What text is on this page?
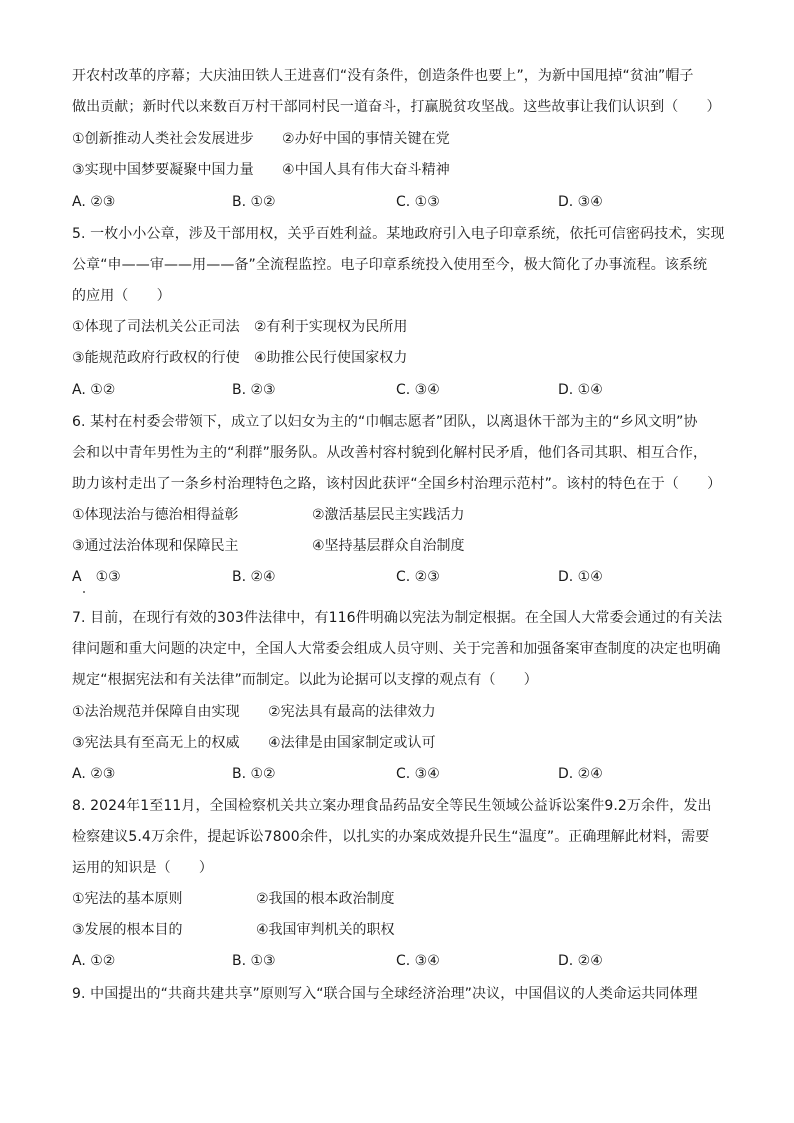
开农村改革的序幕；大庆油田铁人王进喜们“没有条件，创造条件也要上”，为新中国甩掉“贫油”帽子
做出贡献；新时代以来数百万村干部同村民一道奋斗，打赢脱贫攻坚战。这些故事让我们认识到（　　）
①创新推动人类社会发展进步　　②办好中国的事情关键在党
③实现中国梦要凝聚中国力量　　④中国人具有伟大奋斗精神
A. ②③	B. ①②	C. ①③	D. ③④
5. 一枚小小公章，涉及干部用权，关乎百姓利益。某地政府引入电子印章系统，依托可信密码技术，实现
公章“申——审——用——备”全流程监控。电子印章系统投入使用至今，极大简化了办事流程。该系统
的应用（　　）
①体现了司法机关公正司法　②有利于实现权为民所用
③能规范政府行政权的行使　④助推公民行使国家权力
A. ①②	B. ②③	C. ③④	D. ①④
6. 某村在村委会带领下，成立了以妇女为主的“巾帼志愿者”团队，以离退休干部为主的“乡风文明”协
会和以中青年男性为主的“利群”服务队。从改善村容村貌到化解村民矛盾，他们各司其职、相互合作，
助力该村走出了一条乡村治理特色之路，该村因此获评“全国乡村治理示范村”。该村的特色在于（　　）
①体现法治与德治相得益彰	②激活基层民主实践活力
③通过法治体现和保障民主	④坚持基层群众自治制度
A　①③	B. ②④	C. ②③	D. ①④
7. 目前，在现行有效的303件法律中，有116件明确以宪法为制定根据。在全国人大常委会通过的有关法
律问题和重大问题的决定中，全国人大常委会组成人员守则、关于完善和加强备案审查制度的决定也明确
规定“根据宪法和有关法律”而制定。以此为论据可以支撑的观点有（　　）
①法治规范并保障自由实现　　②宪法具有最高的法律效力
③宪法具有至高无上的权威　　④法律是由国家制定或认可
A. ②③	B. ①②	C. ③④	D. ②④
8. 2024年1至11月，全国检察机关共立案办理食品药品安全等民生领域公益诉讼案件9.2万余件，发出
检察建议5.4万余件，提起诉讼7800余件，以扎实的办案成效提升民生“温度”。正确理解此材料，需要
运用的知识是（　　）
①宪法的基本原则	②我国的根本政治制度
③发展的根本目的	④我国审判机关的职权
A. ①②	B. ①③	C. ③④	D. ②④
9. 中国提出的“共商共建共享”原则写入“联合国与全球经济治理”决议，中国倡议的人类命运共同体理
